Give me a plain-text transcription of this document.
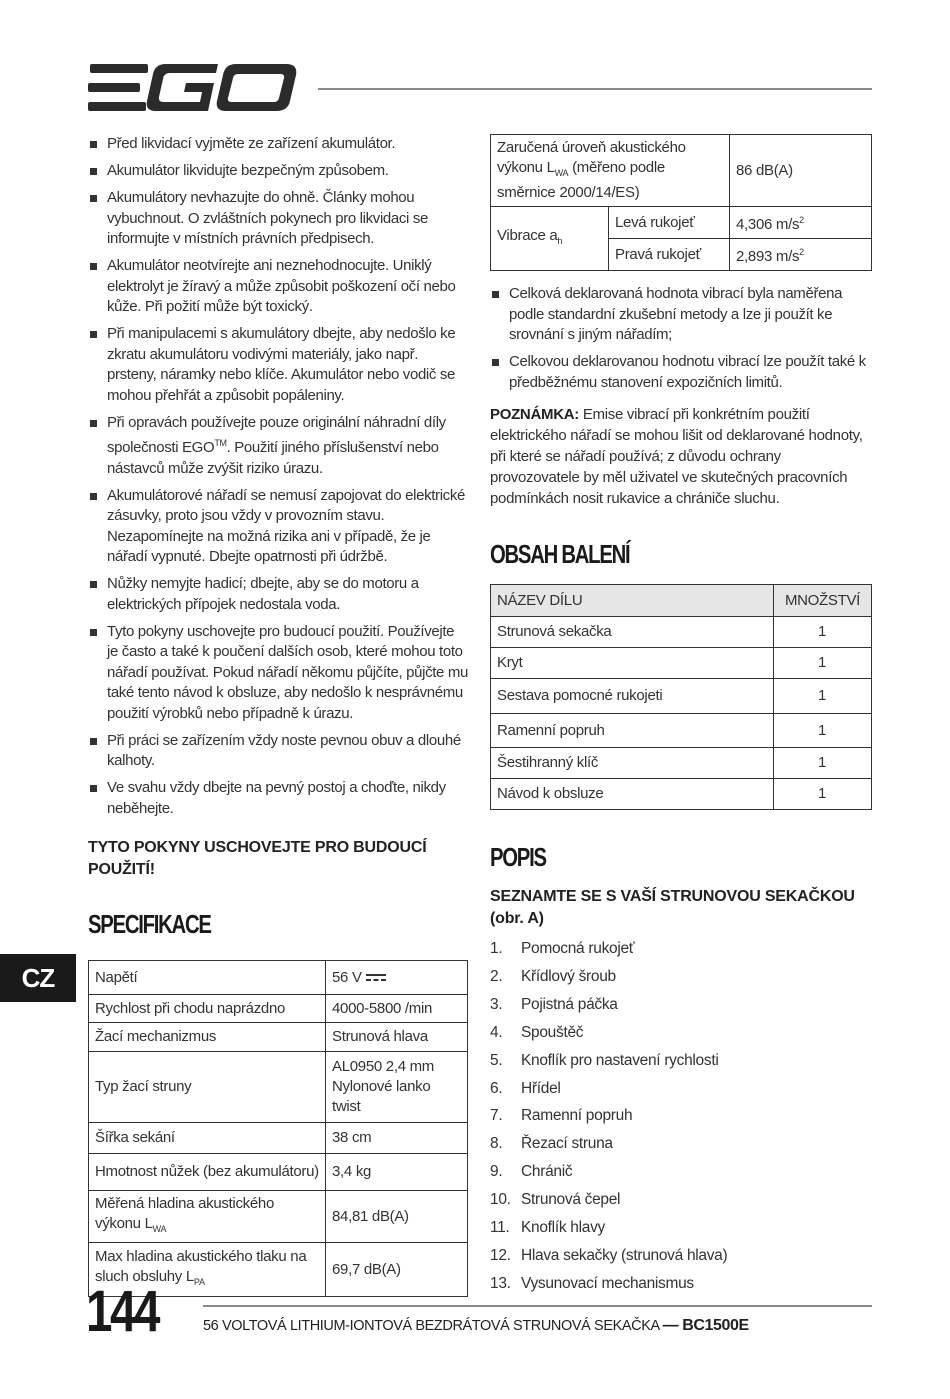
Před likvidací vyjměte ze zařízení akumulátor.
Akumulátor likvidujte bezpečným způsobem.
Akumulátory nevhazujte do ohně. Články mohou vybuchnout. O zvláštních pokynech pro likvidaci se informujte v místních právních předpisech.
Akumulátor neotvírejte ani neznehodnocujte. Uniklý elektrolyt je žíravý a může způsobit poškození očí nebo kůže. Při požití může být toxický.
Při manipulacemi s akumulátory dbejte, aby nedošlo ke zkratu akumulátoru vodivými materiály, jako např. prsteny, náramky nebo klíče. Akumulátor nebo vodič se mohou přehřát a způsobit popáleniny.
Při opravách používejte pouze originální náhradní díly společnosti EGO™. Použití jiného příslušenství nebo nástavců může zvýšit riziko úrazu.
Akumulátorové nářadí se nemusí zapojovat do elektrické zásuvky, proto jsou vždy v provozním stavu. Nezapomínejte na možná rizika ani v případě, že je nářadí vypnuté. Dbejte opatrnosti při údržbě.
Nůžky nemyjte hadicí; dbejte, aby se do motoru a elektrických přípojek nedostala voda.
Tyto pokyny uschovejte pro budoucí použití. Používejte je často a také k poučení dalších osob, které mohou toto nářadí používat. Pokud nářadí někomu půjčíte, půjčte mu také tento návod k obsluze, aby nedošlo k nesprávnému použití výrobků nebo případně k úrazu.
Při práci se zařízením vždy noste pevnou obuv a dlouhé kalhoty.
Ve svahu vždy dbejte na pevný postoj a choďte, nikdy neběhejte.
TYTO POKYNY USCHOVEJTE PRO BUDOUCÍ POUŽITÍ!
SPECIFIKACE
Napětí	56 V
Rychlost při chodu naprázdno	4000-5800 /min
Žací mechanizmus	Strunová hlava
Typ žací struny	AL0950 2,4 mm Nylonové lanko twist
Šířka sekání	38 cm
Hmotnost nůžek (bez akumulátoru)	3,4 kg
Měřená hladina akustického výkonu $L_{WA}$	84,81 dB(A)
Max hladina akustického tlaku na sluch obsluhy $L_{PA}$	69,7 dB(A)
Zaručená úroveň akustického výkonu $L_{WA}$ (měřeno podle směrnice 2000/14/ES)		86 dB(A)
Vibrace $a_h$	Levá rukojeť	4,306 $m/s^2$
	Pravá rukojeť	2,893 $m/s^2$
Celková deklarovaná hodnota vibrací byla naměřena podle standardní zkušební metody a lze ji použít ke srovnání s jiným nářadím;
Celkovou deklarovanou hodnotu vibrací lze použít také k předběžnému stanovení expozičních limitů.

POZNÁMKA: Emise vibrací při konkrétním použití elektrického nářadí se mohou lišit od deklarované hodnoty, při které se nářadí používá; z důvodu ochrany provozovatele by měl uživatel ve skutečných pracovních podmínkách nosit rukavice a chrániče sluchu.

OBSAH BALENÍ
NÁZEV DÍLU	MNOŽSTVÍ
Strunová sekačka	1
Kryt	1
Sestava pomocné rukojeti	1
Ramenní popruh	1
Šestihranný klíč	1
Návod k obsluze	1
POPIS
SEZNAMTE SE S VAŠÍ STRUNOVOU SEKAČKOU (obr. A)
1.	Pomocná rukojeť
2.	Křídlový šroub
3.	Pojistná páčka
4.	Spouštěč
5.	Knoflík pro nastavení rychlosti
6.	Hřídel
7.	Ramenní popruh
8.	Řezací struna
9.	Chránič
10. Strunová čepel
11. Knoflík hlavy
12. Hlava sekačky (strunová hlava)
13. Vysunovací mechanismus
CZ
144	56 VOLTOVÁ LITHIUM-IONTOVÁ BEZDRÁTOVÁ STRUNOVÁ SEKAČKA — BC1500E
